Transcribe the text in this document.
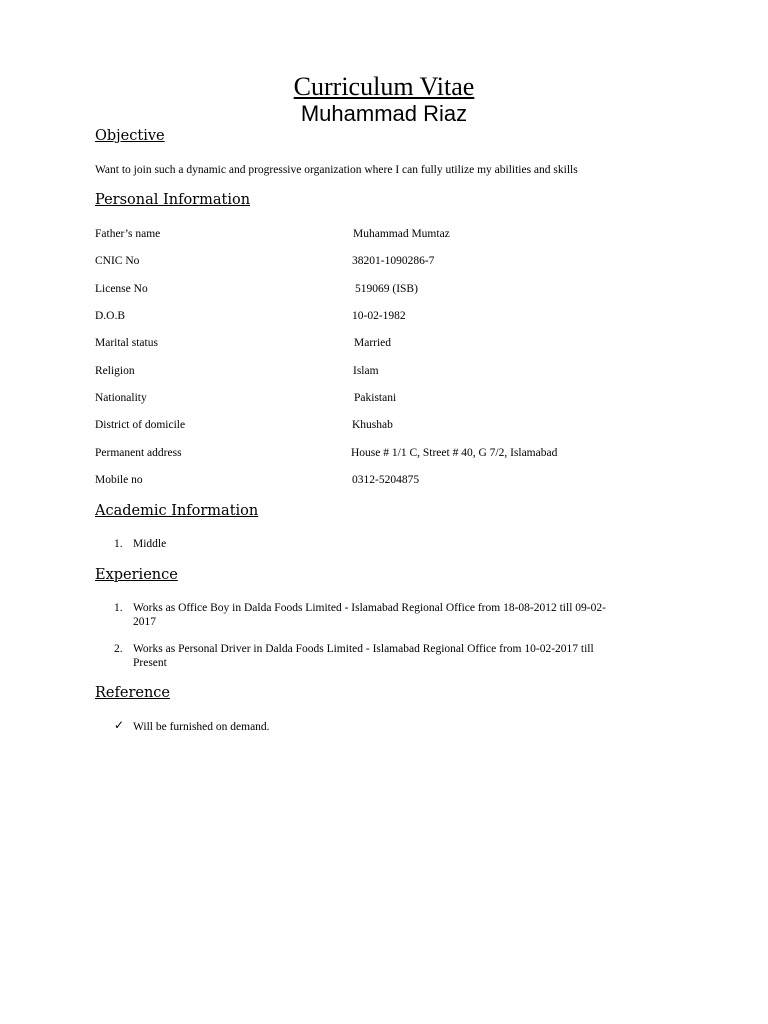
Curriculum Vitae
Muhammad Riaz
Objective
Want to join such a dynamic and progressive organization where I can fully utilize my abilities and skills
Personal Information
Father’s name	Muhammad Mumtaz
CNIC No	38201-1090286-7
License No	519069 (ISB)
D.O.B	10-02-1982
Marital status	Married
Religion	Islam
Nationality	Pakistani
District of domicile	Khushab
Permanent address	House # 1/1 C, Street # 40, G 7/2, Islamabad
Mobile no	0312-5204875
Academic Information
1. Middle
Experience
1. Works as Office Boy in Dalda Foods Limited - Islamabad Regional Office from 18-08-2012 till 09-02-
2017
2. Works as Personal Driver in Dalda Foods Limited - Islamabad Regional Office from 10-02-2017 till
Present
Reference
✓ Will be furnished on demand.
